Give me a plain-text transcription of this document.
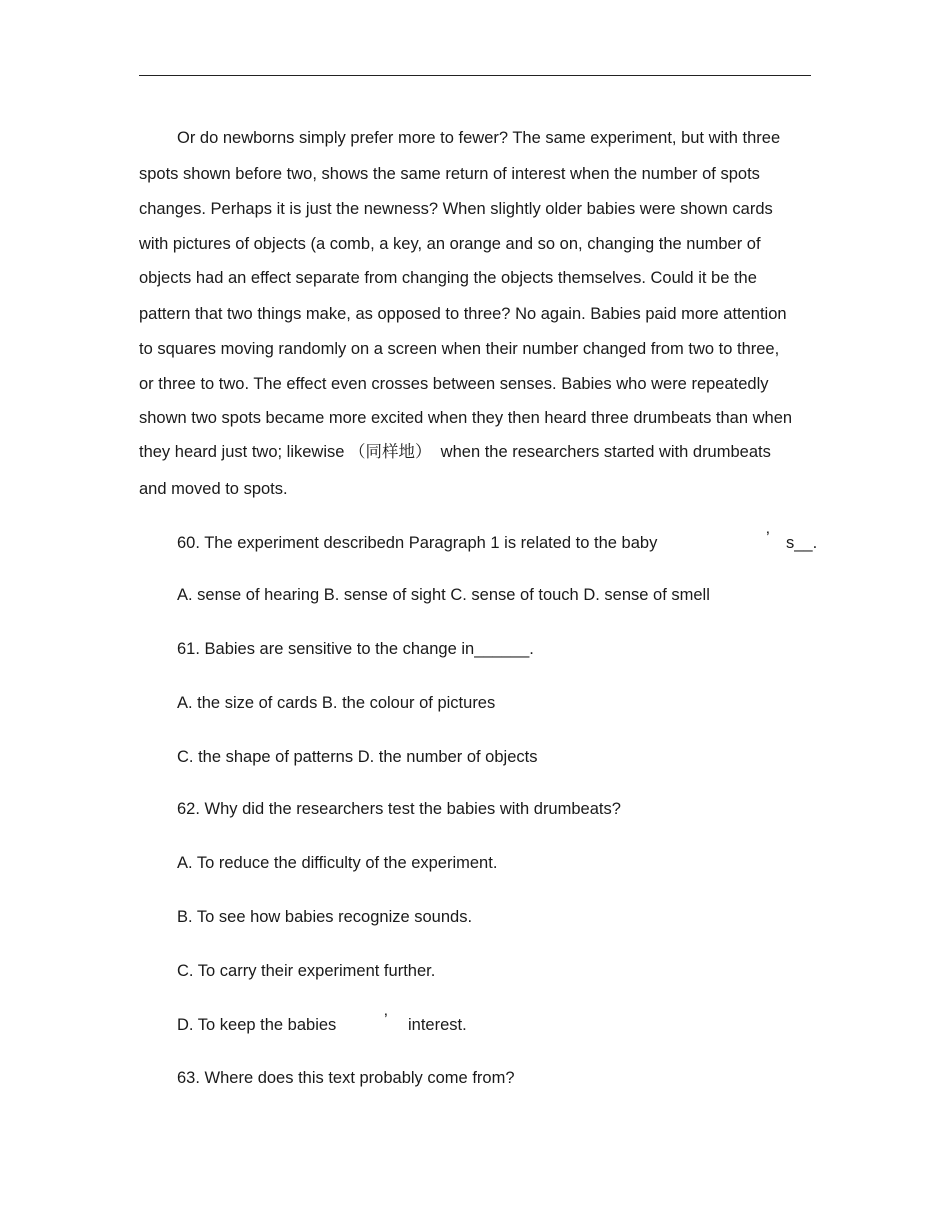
Or do newborns simply prefer more to fewer? The same experiment, but with three
spots shown before two, shows the same return of interest when the number of spots
changes. Perhaps it is just the newness? When slightly older babies were shown cards
with pictures of objects (a comb, a key, an orange and so on, changing the number of
objects had an effect separate from changing the objects themselves. Could it be the
pattern that two things make, as opposed to three? No again. Babies paid more attention
to squares moving randomly on a screen when their number changed from two to three,
or three to two. The effect even crosses between senses. Babies who were repeatedly
shown two spots became more excited when they then heard three drumbeats than when
they heard just two; likewise （同样地）  when the researchers started with drumbeats
and moved to spots.
60. The experiment describedn Paragraph 1 is related to the baby	’ s__.
A. sense of hearing B. sense of sight C. sense of touch D. sense of smell
61. Babies are sensitive to the change in______.
A. the size of cards B. the colour of pictures
C. the shape of patterns D. the number of objects
62. Why did the researchers test the babies with drumbeats?
A. To reduce the difficulty of the experiment.
B. To see how babies recognize sounds.
C. To carry their experiment further.
D. To keep the babies	’ interest.
63. Where does this text probably come from?
